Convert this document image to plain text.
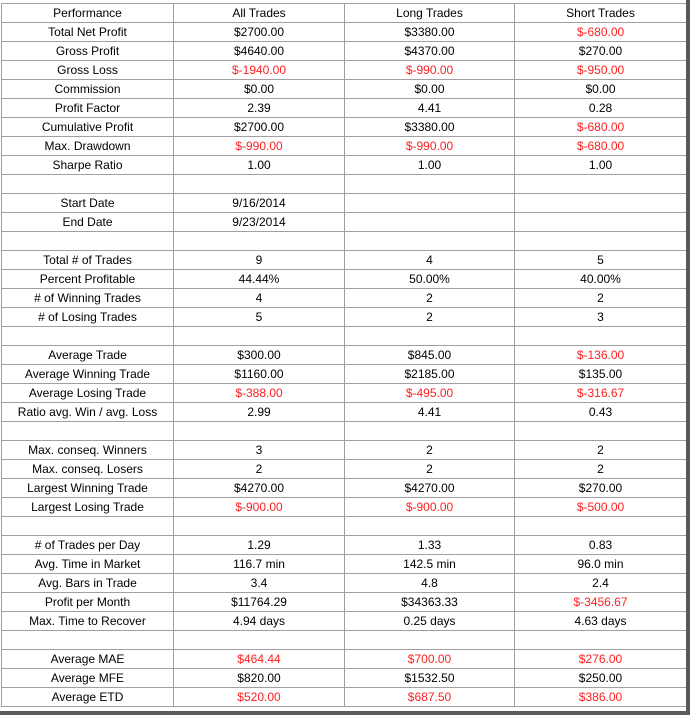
Performance	All Trades	Long Trades	Short Trades
Total Net Profit	$2700.00	$3380.00	$-680.00
Gross Profit	$4640.00	$4370.00	$270.00
Gross Loss	$-1940.00	$-990.00	$-950.00
Commission	$0.00	$0.00	$0.00
Profit Factor	2.39	4.41	0.28
Cumulative Profit	$2700.00	$3380.00	$-680.00
Max. Drawdown	$-990.00	$-990.00	$-680.00
Sharpe Ratio	1.00	1.00	1.00

Start Date	9/16/2014		
End Date	9/23/2014		

Total # of Trades	9	4	5
Percent Profitable	44.44%	50.00%	40.00%
# of Winning Trades	4	2	2
# of Losing Trades	5	2	3

Average Trade	$300.00	$845.00	$-136.00
Average Winning Trade	$1160.00	$2185.00	$135.00
Average Losing Trade	$-388.00	$-495.00	$-316.67
Ratio avg. Win / avg. Loss	2.99	4.41	0.43

Max. conseq. Winners	3	2	2
Max. conseq. Losers	2	2	2
Largest Winning Trade	$4270.00	$4270.00	$270.00
Largest Losing Trade	$-900.00	$-900.00	$-500.00

# of Trades per Day	1.29	1.33	0.83
Avg. Time in Market	116.7 min	142.5 min	96.0 min
Avg. Bars in Trade	3.4	4.8	2.4
Profit per Month	$11764.29	$34363.33	$-3456.67
Max. Time to Recover	4.94 days	0.25 days	4.63 days

Average MAE	$464.44	$700.00	$276.00
Average MFE	$820.00	$1532.50	$250.00
Average ETD	$520.00	$687.50	$386.00
